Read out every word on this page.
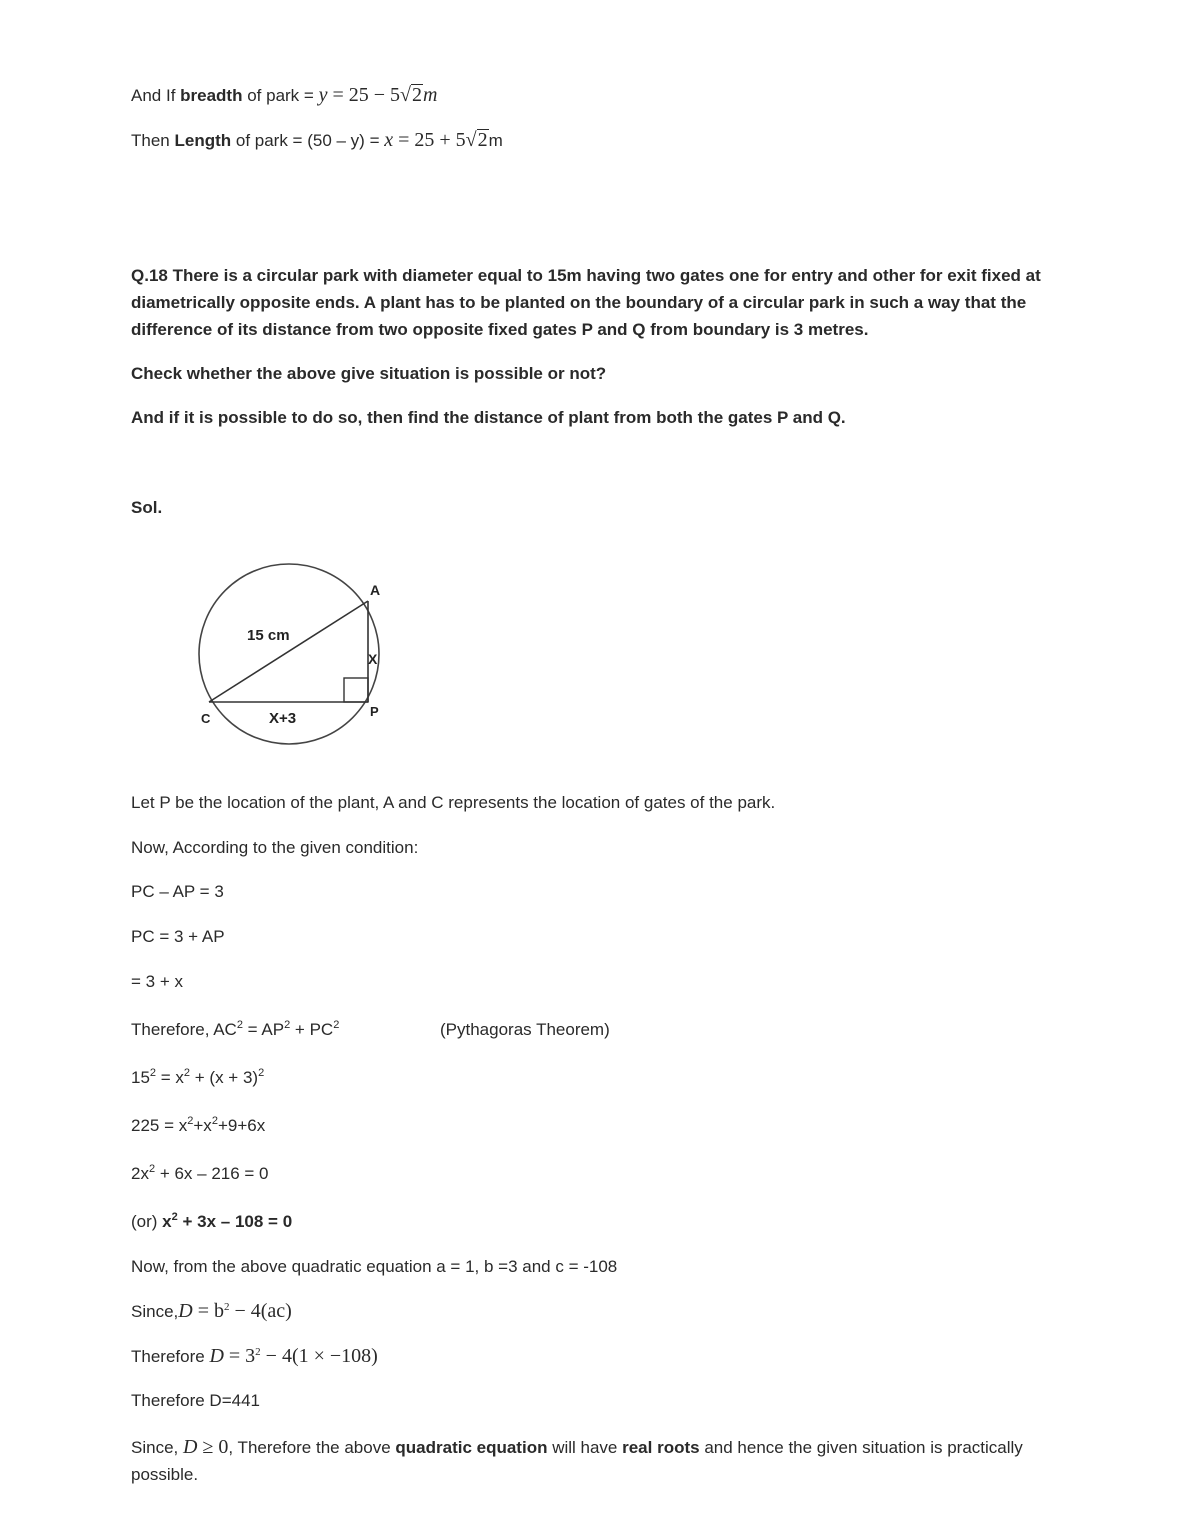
And If breadth of park = y = 25 − 5√2m
Then Length of park = (50 – y) = x = 25 + 5√2m
Q.18 There is a circular park with diameter equal to 15m having two gates one for entry and other for exit fixed at diametrically opposite ends. A plant has to be planted on the boundary of a circular park in such a way that the difference of its distance from two opposite fixed gates P and Q from boundary is 3 metres.
Check whether the above give situation is possible or not?
And if it is possible to do so, then find the distance of plant from both the gates P and Q.
Sol.
15 cm
X+3
X
A
C	P
Let P be the location of the plant, A and C represents the location of gates of the park.
Now, According to the given condition:
PC – AP = 3
PC = 3 + AP
= 3 + x
Therefore, $AC^2 = AP^2 + PC^2$	(Pythagoras Theorem)
$15^2 = x^2 + (x + 3)^2$
$225 = x^2+x^2+9+6x$
$2x^2 + 6x - 216 = 0$
(or) $x^2 + 3x - 108 = 0$
Now, from the above quadratic equation a = 1, b =3 and c = -108
Since,D = $b^2 - 4(ac)$
Therefore $D = 3^2 - 4(1 \times -108)$
Therefore D=441
Since, D ≥ 0, Therefore the above quadratic equation will have real roots and hence the given situation is practically possible.
